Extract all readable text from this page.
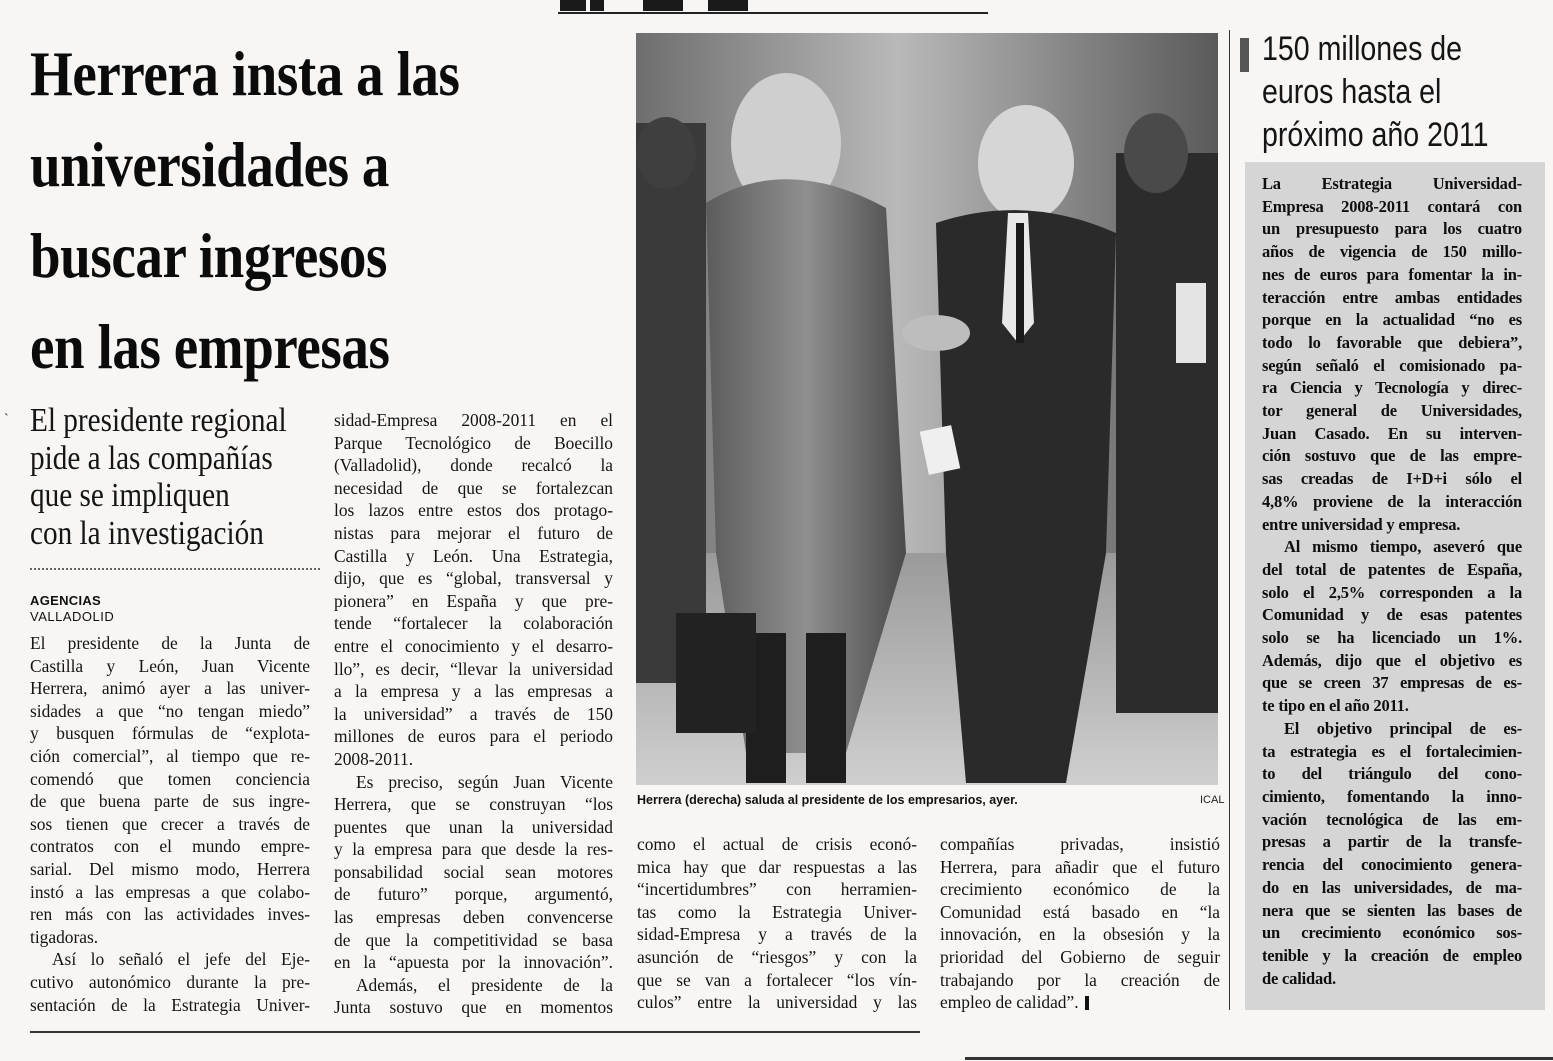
Herrera insta a las
universidades a
buscar ingresos
en las empresas
ˋ El presidente regional
pide a las compañías
que se impliquen
con la investigación
AGENCIAS
VALLADOLID
El presidente de la Junta de
Castilla y León, Juan Vicente
Herrera, animó ayer a las univer-
sidades a que “no tengan miedo”
y busquen fórmulas de “explota-
ción comercial”, al tiempo que re-
comendó que tomen conciencia
de que buena parte de sus ingre-
sos tienen que crecer a través de
contratos con el mundo empre-
sarial. Del mismo modo, Herrera
instó a las empresas a que colabo-
ren más con las actividades inves-
tigadoras.
Así lo señaló el jefe del Eje-
cutivo autonómico durante la pre-
sentación de la Estrategia Univer-
sidad-Empresa 2008-2011 en el
Parque Tecnológico de Boecillo
(Valladolid), donde recalcó la
necesidad de que se fortalezcan
los lazos entre estos dos protago-
nistas para mejorar el futuro de
Castilla y León. Una Estrategia,
dijo, que es “global, transversal y
pionera” en España y que pre-
tende “fortalecer la colaboración
entre el conocimiento y el desarro-
llo”, es decir, “llevar la universidad
a la empresa y a las empresas a
la universidad” a través de 150
millones de euros para el periodo
2008-2011.
Es preciso, según Juan Vicente
Herrera, que se construyan “los
puentes que unan la universidad
y la empresa para que desde la res-
ponsabilidad social sean motores
de futuro” porque, argumentó,
las empresas deben convencerse
de que la competitividad se basa
en la “apuesta por la innovación”.
Además, el presidente de la
Junta sostuvo que en momentos
Herrera (derecha) saluda al presidente de los empresarios, ayer.	ICAL
como el actual de crisis econó-
mica hay que dar respuestas a las
“incertidumbres” con herramien-
tas como la Estrategia Univer-
sidad-Empresa y a través de la
asunción de “riesgos” y con la
que se van a fortalecer “los vín-
culos” entre la universidad y las
compañías privadas, insistió
Herrera, para añadir que el futuro
crecimiento económico de la
Comunidad está basado en “la
innovación, en la obsesión y la
prioridad del Gobierno de seguir
trabajando por la creación de
empleo de calidad”.
150 millones de
euros hasta el
próximo año 2011
La Estrategia Universidad-
Empresa 2008-2011 contará con
un presupuesto para los cuatro
años de vigencia de 150 millo-
nes de euros para fomentar la in-
teracción entre ambas entidades
porque en la actualidad “no es
todo lo favorable que debiera”,
según señaló el comisionado pa-
ra Ciencia y Tecnología y direc-
tor general de Universidades,
Juan Casado. En su interven-
ción sostuvo que de las empre-
sas creadas de I+D+i sólo el
4,8% proviene de la interacción
entre universidad y empresa.
Al mismo tiempo, aseveró que
del total de patentes de España,
solo el 2,5% corresponden a la
Comunidad y de esas patentes
solo se ha licenciado un 1%.
Además, dijo que el objetivo es
que se creen 37 empresas de es-
te tipo en el año 2011.
El objetivo principal de es-
ta estrategia es el fortalecimien-
to del triángulo del cono-
cimiento, fomentando la inno-
vación tecnológica de las em-
presas a partir de la transfe-
rencia del conocimiento genera-
do en las universidades, de ma-
nera que se sienten las bases de
un crecimiento económico sos-
tenible y la creación de empleo
de calidad.
